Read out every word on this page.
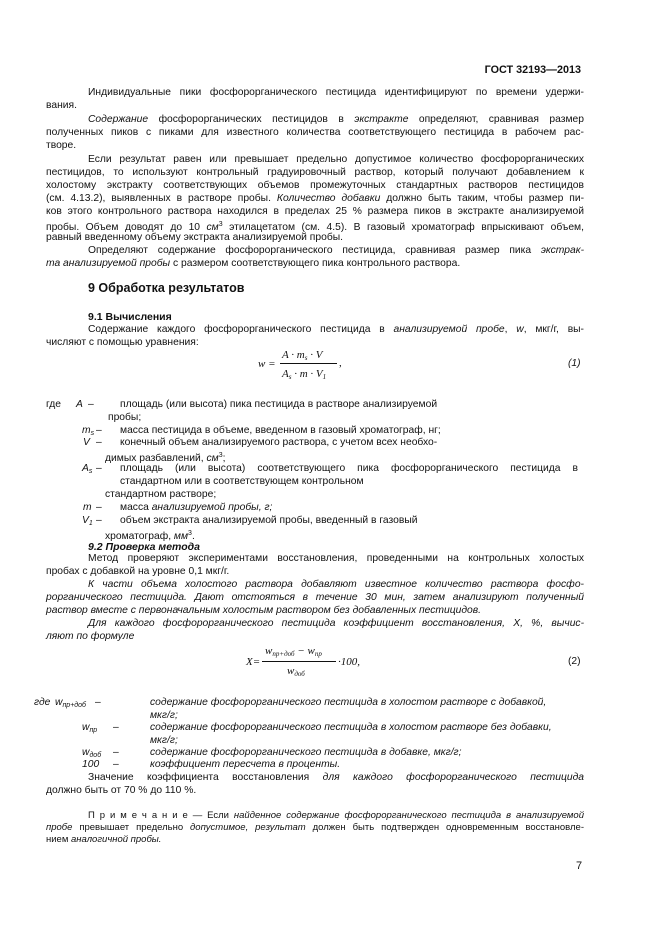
ГОСТ 32193—2013
Индивидуальные пики фосфорорганического пестицида идентифицируют по времени удержи-
вания.
Содержание фосфорорганических пестицидов в экстракте определяют, сравнивая размер
полученных пиков с пиками для известного количества соответствующего пестицида в рабочем рас-
творе.
Если результат равен или превышает предельно допустимое количество фосфорорганических
пестицидов, то используют контрольный градуировочный раствор, который получают добавлением к
холостому экстракту соответствующих объемов промежуточных стандартных растворов пестицидов
(см. 4.13.2), выявленных в растворе пробы. Количество добавки должно быть таким, чтобы размер пи-
ков этого контрольного раствора находился в пределах 25 % размера пиков в экстракте анализируемой
пробы. Объем доводят до 10 $см^3$ этилацетатом (см. 4.5). В газовый хроматограф впрыскивают объем,
равный введенному объему экстракта анализируемой пробы.
Определяют содержание фосфорорганического пестицида, сравнивая размер пика экстрак-
та анализируемой пробы с размером соответствующего пика контрольного раствора.
9 Обработка результатов
9.1 Вычисления
Содержание каждого фосфорорганического пестицида в анализируемой пробе, w, мкг/г, вы-
числяют с помощью уравнения:
w =
$A \cdot m_s \cdot V$
$A_s \cdot m \cdot V_1$
,	(1)
где A –	площадь (или высота) пика пестицида в растворе анализируемой
пробы;
$m_s$ – масса пестицида в объеме, введенном в газовый хроматограф, нг;
V – конечный объем анализируемого раствора, с учетом всех необхо-
димых разбавлений, $см^3$;
$A_s$ – площадь (или высота) соответствующего пика фосфорорганического пестицида в
стандартном или в соответствующем контрольном
стандартном растворе;
m – масса анализируемой пробы, г;
$V_1$ – объем экстракта анализируемой пробы, введенный в газовый
хроматограф, $мм^3$.
9.2 Проверка метода
Метод проверяют экспериментами восстановления, проведенными на контрольных холостых
пробах с добавкой на уровне 0,1 мкг/г.
К части объема холостого раствора добавляют известное количество раствора фосфо-
рорганического пестицида. Дают отстояться в течение 30 мин, затем анализируют полученный
раствор вместе с первоначальным холостым раствором без добавленных пестицидов.
Для каждого фосфорорганического пестицида коэффициент восстановления, X, %, вычис-
ляют по формуле
X=
$w_{пр+доб} - w_{пр}$
$w_{доб}$
·100,	(2)
где $w_{пр+доб}$ –	содержание фосфорорганического пестицида в холостом растворе с добавкой,
мкг/г;
$w_{пр}$ –	содержание фосфорорганического пестицида в холостом растворе без добавки,
мкг/г;
$w_{доб}$ –	содержание фосфорорганического пестицида в добавке, мкг/г;
100 –	коэффициент пересчета в проценты.
Значение коэффициента восстановления для каждого фосфорорганического пестицида
должно быть от 70 % до 110 %.
П р и м е ч а н и е — Если найденное содержание фосфорорганического пестицида в анализируемой
пробе превышает предельно допустимое, результат должен быть подтвержден одновременным восстановле-
нием аналогичной пробы.
7
